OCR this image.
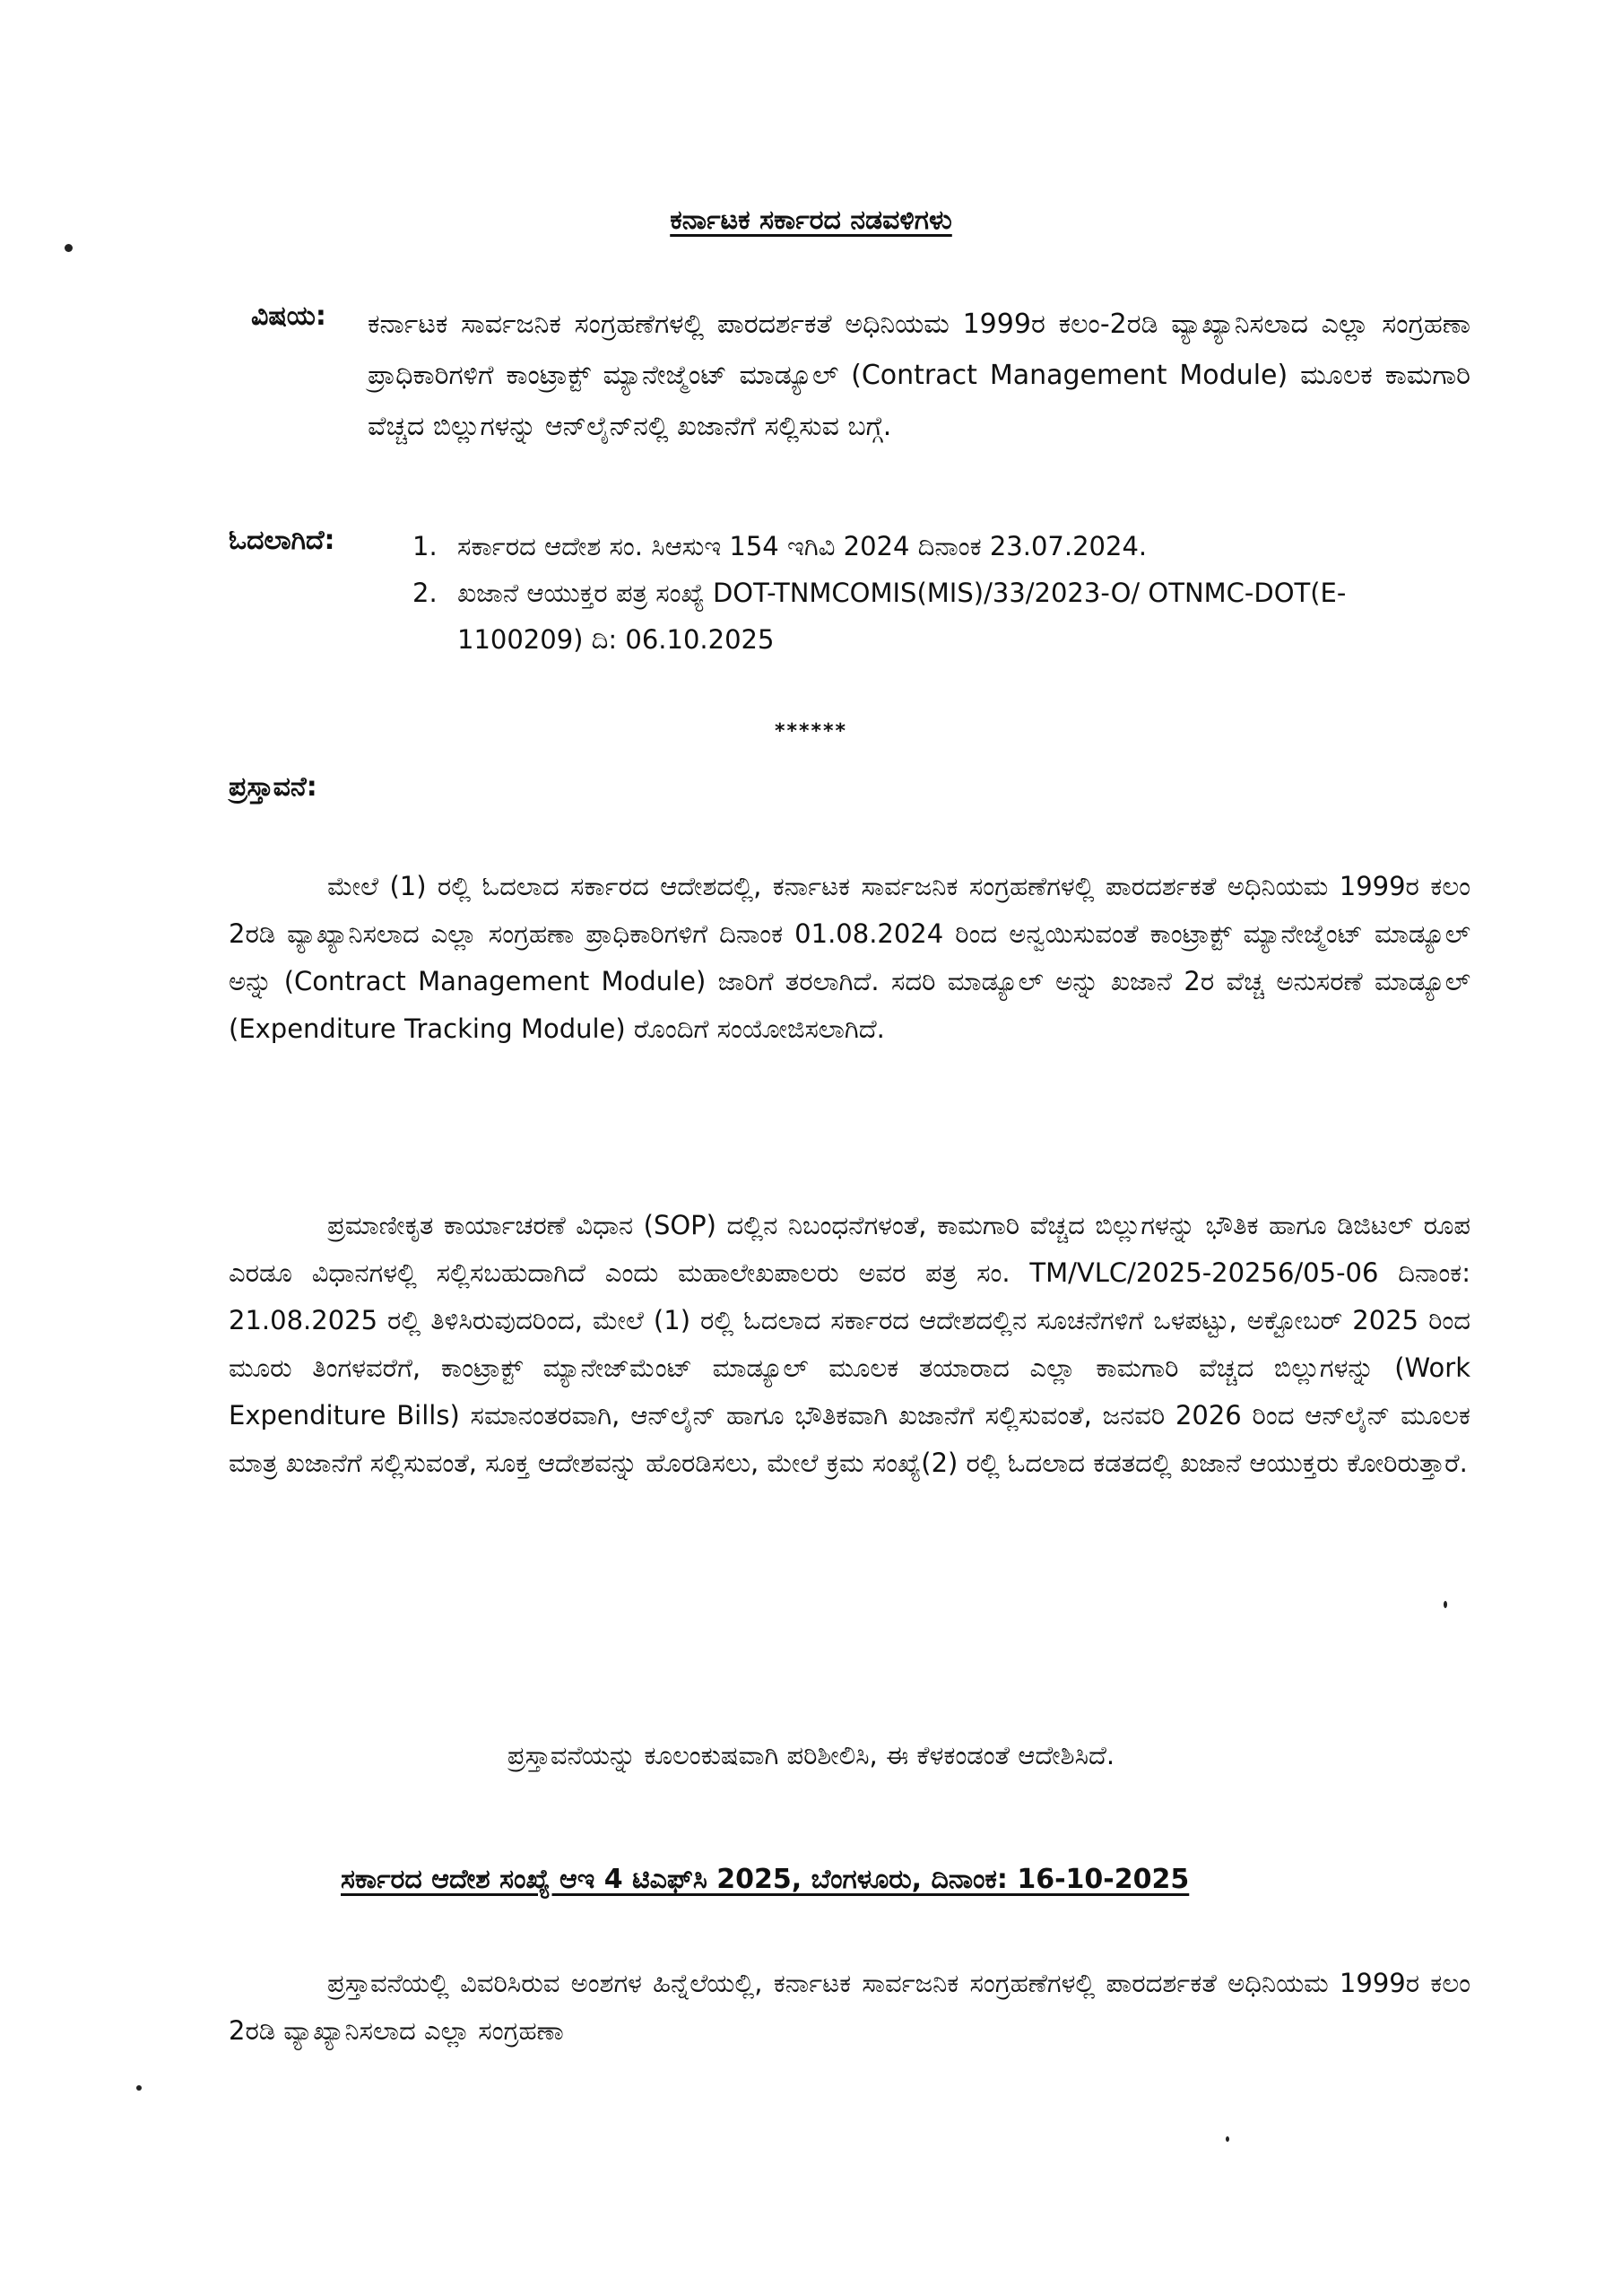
ಕರ್ನಾಟಕ ಸರ್ಕಾರದ ನಡವಳಿಗಳು
ವಿಷಯ: ಕರ್ನಾಟಕ ಸಾರ್ವಜನಿಕ ಸಂಗ್ರಹಣೆಗಳಲ್ಲಿ ಪಾರದರ್ಶಕತೆ ಅಧಿನಿಯಮ 1999ರ ಕಲಂ-2ರಡಿ ವ್ಯಾಖ್ಯಾನಿಸಲಾದ ಎಲ್ಲಾ ಸಂಗ್ರಹಣಾ ಪ್ರಾಧಿಕಾರಿಗಳಿಗೆ ಕಾಂಟ್ರಾಕ್ಟ್ ಮ್ಯಾನೇಜ್ಮೆಂಟ್ ಮಾಡ್ಯೂಲ್ (Contract Management Module) ಮೂಲಕ ಕಾಮಗಾರಿ ವೆಚ್ಚದ ಬಿಲ್ಲುಗಳನ್ನು ಆನ್‌ಲೈನ್‌ನಲ್ಲಿ ಖಜಾನೆಗೆ ಸಲ್ಲಿಸುವ ಬಗ್ಗೆ.
ಓದಲಾಗಿದೆ:	1. ಸರ್ಕಾರದ ಆದೇಶ ಸಂ. ಸಿಆಸುಇ 154 ಇಗಿವಿ 2024 ದಿನಾಂಕ 23.07.2024.
2. ಖಜಾನೆ ಆಯುಕ್ತರ ಪತ್ರ ಸಂಖ್ಯೆ DOT-TNMCOMIS(MIS)/33/2023-O/ OTNMC-DOT(E-1100209) ದಿ: 06.10.2025
******
ಪ್ರಸ್ತಾವನೆ:
ಮೇಲೆ (1) ರಲ್ಲಿ ಓದಲಾದ ಸರ್ಕಾರದ ಆದೇಶದಲ್ಲಿ, ಕರ್ನಾಟಕ ಸಾರ್ವಜನಿಕ ಸಂಗ್ರಹಣೆಗಳಲ್ಲಿ ಪಾರದರ್ಶಕತೆ ಅಧಿನಿಯಮ 1999ರ ಕಲಂ 2ರಡಿ ವ್ಯಾಖ್ಯಾನಿಸಲಾದ ಎಲ್ಲಾ ಸಂಗ್ರಹಣಾ ಪ್ರಾಧಿಕಾರಿಗಳಿಗೆ ದಿನಾಂಕ 01.08.2024 ರಿಂದ ಅನ್ವಯಿಸುವಂತೆ ಕಾಂಟ್ರಾಕ್ಟ್ ಮ್ಯಾನೇಜ್ಮೆಂಟ್ ಮಾಡ್ಯೂಲ್ ಅನ್ನು (Contract Management Module) ಜಾರಿಗೆ ತರಲಾಗಿದೆ. ಸದರಿ ಮಾಡ್ಯೂಲ್ ಅನ್ನು ಖಜಾನೆ 2ರ ವೆಚ್ಚ ಅನುಸರಣೆ ಮಾಡ್ಯೂಲ್ (Expenditure Tracking Module) ರೊಂದಿಗೆ ಸಂಯೋಜಿಸಲಾಗಿದೆ.
ಪ್ರಮಾಣೀಕೃತ ಕಾರ್ಯಾಚರಣೆ ವಿಧಾನ (SOP) ದಲ್ಲಿನ ನಿಬಂಧನೆಗಳಂತೆ, ಕಾಮಗಾರಿ ವೆಚ್ಚದ ಬಿಲ್ಲುಗಳನ್ನು ಭೌತಿಕ ಹಾಗೂ ಡಿಜಿಟಲ್ ರೂಪ ಎರಡೂ ವಿಧಾನಗಳಲ್ಲಿ ಸಲ್ಲಿಸಬಹುದಾಗಿದೆ ಎಂದು ಮಹಾಲೇಖಪಾಲರು ಅವರ ಪತ್ರ ಸಂ. TM/VLC/2025-20256/05-06 ದಿನಾಂಕ: 21.08.2025 ರಲ್ಲಿ ತಿಳಿಸಿರುವುದರಿಂದ, ಮೇಲೆ (1) ರಲ್ಲಿ ಓದಲಾದ ಸರ್ಕಾರದ ಆದೇಶದಲ್ಲಿನ ಸೂಚನೆಗಳಿಗೆ ಒಳಪಟ್ಟು, ಅಕ್ಟೋಬರ್ 2025 ರಿಂದ ಮೂರು ತಿಂಗಳವರೆಗೆ, ಕಾಂಟ್ರಾಕ್ಟ್ ಮ್ಯಾನೇಜ್‌ಮೆಂಟ್ ಮಾಡ್ಯೂಲ್ ಮೂಲಕ ತಯಾರಾದ ಎಲ್ಲಾ ಕಾಮಗಾರಿ ವೆಚ್ಚದ ಬಿಲ್ಲುಗಳನ್ನು (Work Expenditure Bills) ಸಮಾನಂತರವಾಗಿ, ಆನ್‌ಲೈನ್ ಹಾಗೂ ಭೌತಿಕವಾಗಿ ಖಜಾನೆಗೆ ಸಲ್ಲಿಸುವಂತೆ, ಜನವರಿ 2026 ರಿಂದ ಆನ್‌ಲೈನ್ ಮೂಲಕ ಮಾತ್ರ ಖಜಾನೆಗೆ ಸಲ್ಲಿಸುವಂತೆ, ಸೂಕ್ತ ಆದೇಶವನ್ನು ಹೊರಡಿಸಲು, ಮೇಲೆ ಕ್ರಮ ಸಂಖ್ಯೆ(2) ರಲ್ಲಿ ಓದಲಾದ ಕಡತದಲ್ಲಿ ಖಜಾನೆ ಆಯುಕ್ತರು ಕೋರಿರುತ್ತಾರೆ.
ಪ್ರಸ್ತಾವನೆಯನ್ನು ಕೂಲಂಕುಷವಾಗಿ ಪರಿಶೀಲಿಸಿ, ಈ ಕೆಳಕಂಡಂತೆ ಆದೇಶಿಸಿದೆ.
ಸರ್ಕಾರದ ಆದೇಶ ಸಂಖ್ಯೆ ಆಇ 4 ಟಿಎಫ್‌ಸಿ 2025, ಬೆಂಗಳೂರು, ದಿನಾಂಕ: 16-10-2025
ಪ್ರಸ್ತಾವನೆಯಲ್ಲಿ ವಿವರಿಸಿರುವ ಅಂಶಗಳ ಹಿನ್ನೆಲೆಯಲ್ಲಿ, ಕರ್ನಾಟಕ ಸಾರ್ವಜನಿಕ ಸಂಗ್ರಹಣೆಗಳಲ್ಲಿ ಪಾರದರ್ಶಕತೆ ಅಧಿನಿಯಮ 1999ರ ಕಲಂ 2ರಡಿ ವ್ಯಾಖ್ಯಾನಿಸಲಾದ ಎಲ್ಲಾ ಸಂಗ್ರಹಣಾ
